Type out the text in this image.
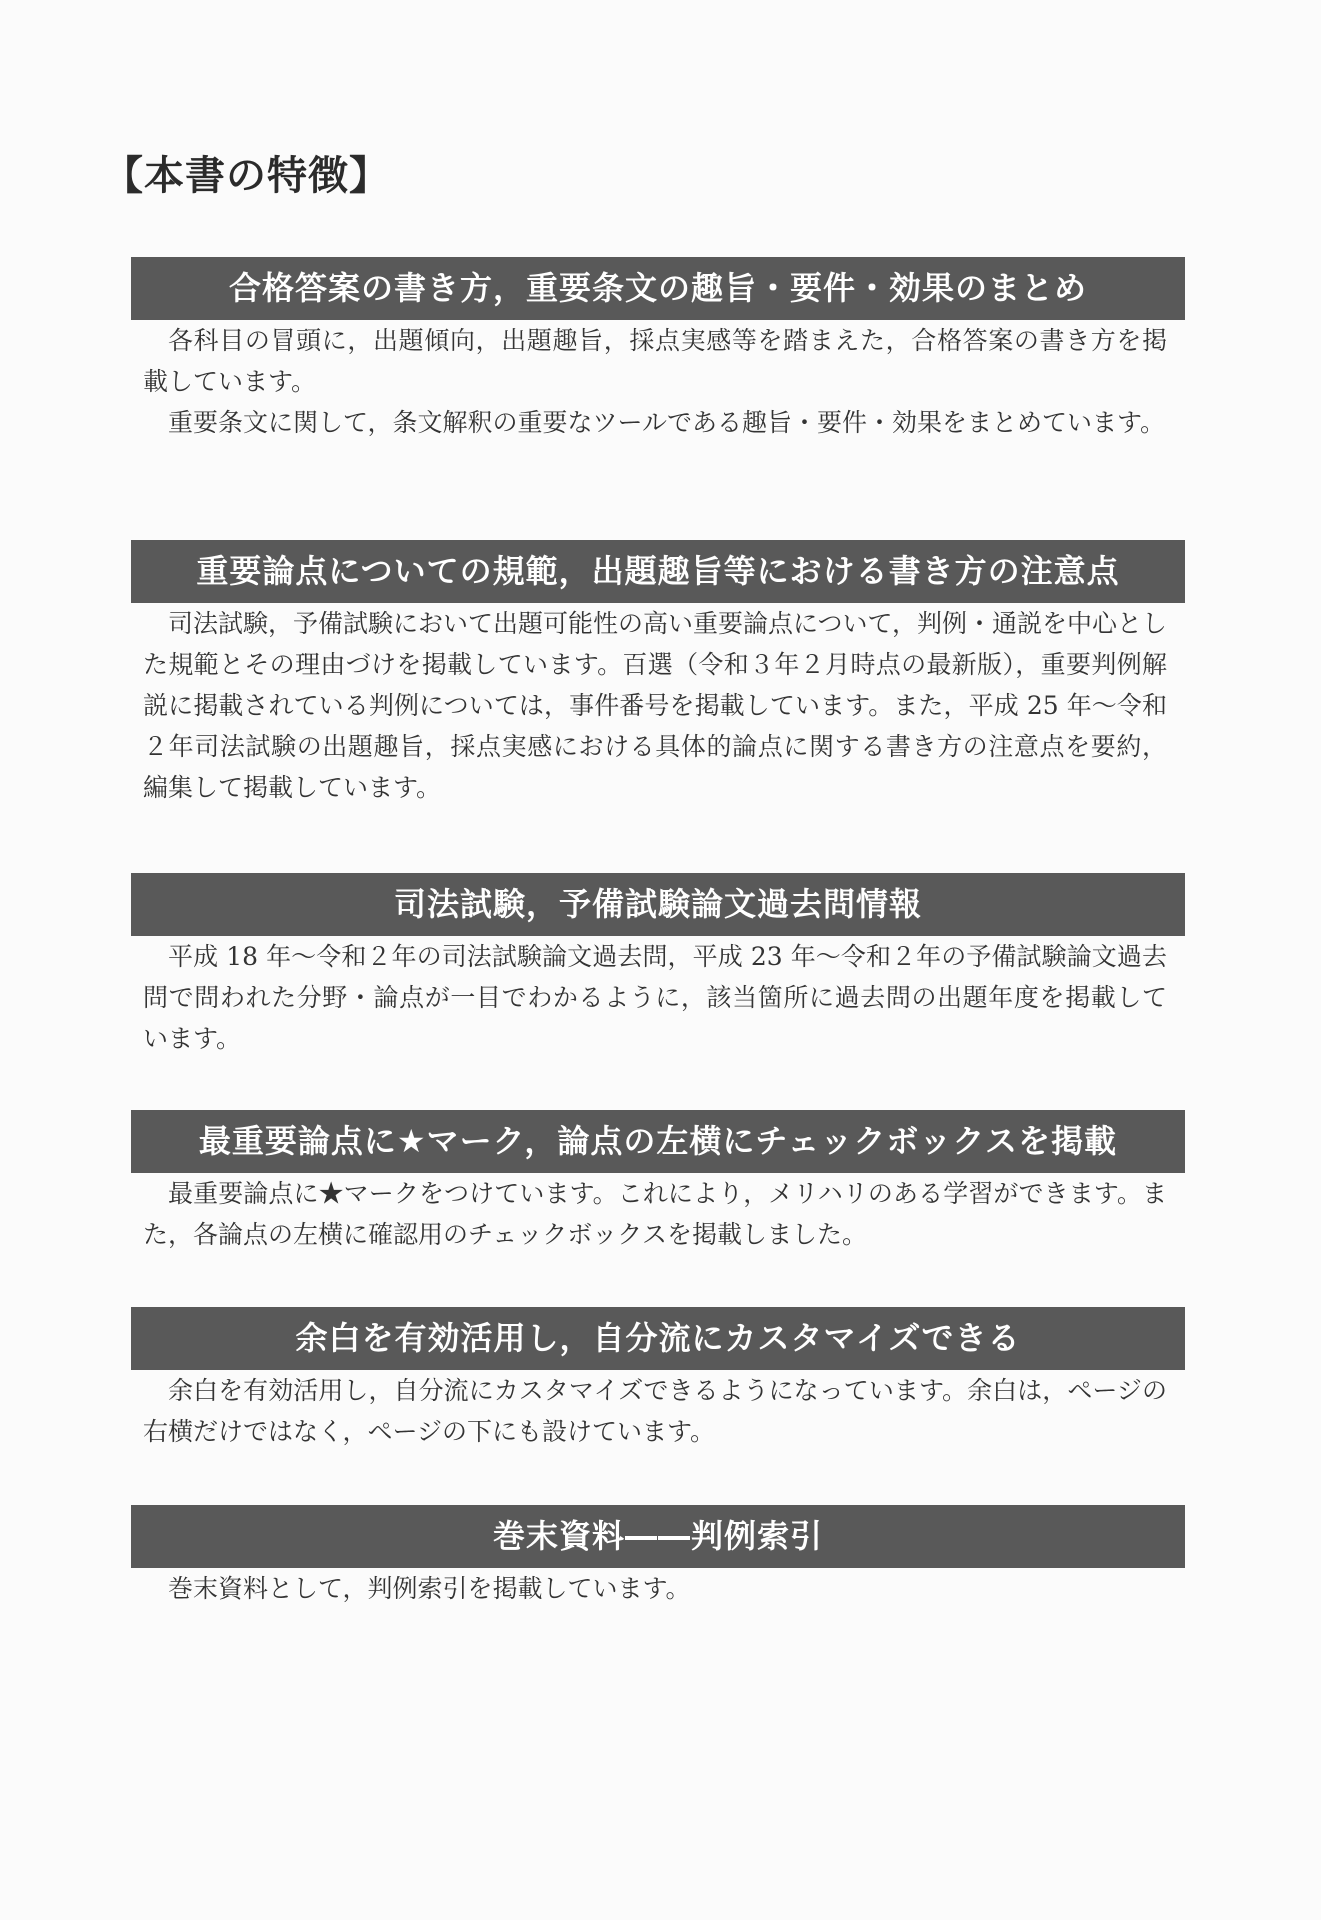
【本書の特徴】
合格答案の書き方，重要条文の趣旨・要件・効果のまとめ

各科目の冒頭に，出題傾向，出題趣旨，採点実感等を踏まえた，合格答案の書き方を掲載しています。

重要条文に関して，条文解釈の重要なツールである趣旨・要件・効果をまとめています。

重要論点についての規範，出題趣旨等における書き方の注意点

司法試験，予備試験において出題可能性の高い重要論点について，判例・通説を中心とした規範とその理由づけを掲載しています。百選（令和３年２月時点の最新版），重要判例解説に掲載されている判例については，事件番号を掲載しています。また，平成 25 年～令和２年司法試験の出題趣旨，採点実感における具体的論点に関する書き方の注意点を要約，編集して掲載しています。

司法試験，予備試験論文過去問情報

平成 18 年～令和２年の司法試験論文過去問，平成 23 年～令和２年の予備試験論文過去問で問われた分野・論点が一目でわかるように，該当箇所に過去問の出題年度を掲載しています。

最重要論点に★マーク，論点の左横にチェックボックスを掲載

最重要論点に★マークをつけています。これにより，メリハリのある学習ができます。また，各論点の左横に確認用のチェックボックスを掲載しました。

余白を有効活用し，自分流にカスタマイズできる

余白を有効活用し，自分流にカスタマイズできるようになっています。余白は，ページの右横だけではなく，ページの下にも設けています。

巻末資料――判例索引

巻末資料として，判例索引を掲載しています。
